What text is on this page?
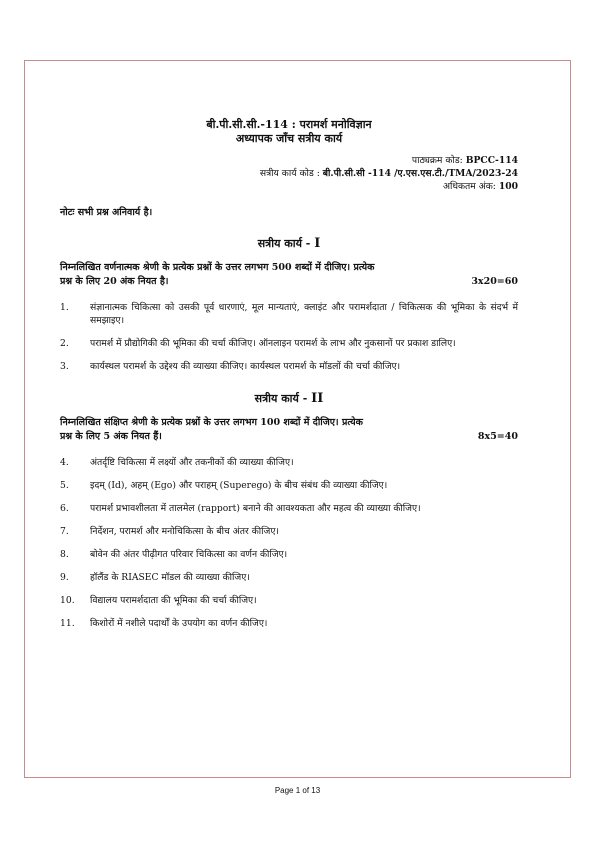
बी.पी.सी.सी.-114 : परामर्श मनोविज्ञान
अध्यापक जाँच सत्रीय कार्य
पाठ्यक्रम कोड: BPCC-114
सत्रीय कार्य कोड : बी.पी.सी.सी -114 /ए.एस.एस.टी./TMA/2023-24
अधिकतम अंक: 100
नोटः सभी प्रश्न अनिवार्य है।
सत्रीय कार्य - I
निम्नलिखित वर्णनात्मक श्रेणी के प्रत्येक प्रश्नों के उत्तर लगभग 500 शब्दों में दीजिए। प्रत्येक
प्रश्न के लिए 20 अंक नियत है।	3x20=60
1.	संज्ञानात्मक चिकित्सा को उसकी पूर्व धारणाएं, मूल मान्यताएं, क्लाइंट और परामर्शदाता / चिकित्सक की भूमिका के संदर्भ में समझाइए।
2.	परामर्श में प्रौद्योगिकी की भूमिका की चर्चा कीजिए। ऑनलाइन परामर्श के लाभ और नुकसानों पर प्रकाश डालिए।
3.	कार्यस्थल परामर्श के उद्देश्य की व्याख्या कीजिए। कार्यस्थल परामर्श के मॉडलों की चर्चा कीजिए।
सत्रीय कार्य - II
निम्नलिखित संक्षिप्त श्रेणी के प्रत्येक प्रश्नों के उत्तर लगभग 100 शब्दों में दीजिए। प्रत्येक
प्रश्न के लिए 5 अंक नियत हैं।	8x5=40
4.	अंतर्दृष्टि चिकित्सा में लक्ष्यों और तकनीकों की व्याख्या कीजिए।
5.	इदम् (Id), अहम् (Ego) और पराहम् (Superego) के बीच संबंध की व्याख्या कीजिए।
6.	परामर्श प्रभावशीलता में तालमेल (rapport) बनाने की आवश्यकता और महत्व की व्याख्या कीजिए।
7.	निर्देशन, परामर्श और मनोचिकित्सा के बीच अंतर कीजिए।
8.	बोवेन की अंतर पीढ़ीगत परिवार चिकित्सा का वर्णन कीजिए।
9.	हॉलैंड के RIASEC मॉडल की व्याख्या कीजिए।
10.	विद्यालय परामर्शदाता की भूमिका की चर्चा कीजिए।
11.	किशोरों में नशीले पदार्थों के उपयोग का वर्णन कीजिए।
Page 1 of 13
